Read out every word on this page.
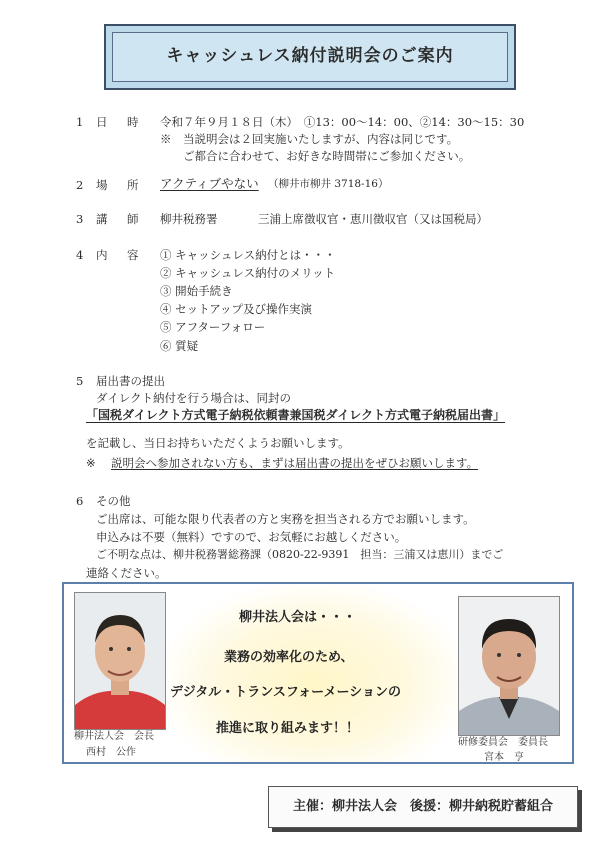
キャッシュレス納付説明会のご案内
1 日　時 令和７年９月１８日（木）　①13：00～14：00、②14：30～15：30
※　当説明会は２回実施いたしますが、内容は同じです。
ご都合に合わせて、お好きな時間帯にご参加ください。
2 場　所 アクティブやない （柳井市柳井 3718-16）
3 講　師 柳井税務署	三浦上席徴収官・恵川徴収官（又は国税局）
4 内　容 ① キャッシュレス納付とは・・・
② キャッシュレス納付のメリット
③ 開始手続き
④ セットアップ及び操作実演
⑤ アフターフォロー
⑥ 質疑
5 届出書の提出
ダイレクト納付を行う場合は、同封の
「国税ダイレクト方式電子納税依頼書兼国税ダイレクト方式電子納税届出書」
を記載し、当日お持ちいただくようお願いします。
※ 説明会へ参加されない方も、まずは届出書の提出をぜひお願いします。
6 その他
ご出席は、可能な限り代表者の方と実務を担当される方でお願いします。
申込みは不要（無料）ですので、お気軽にお越しください。
ご不明な点は、柳井税務署総務課（0820-22-9391　担当：三浦又は恵川）までご
連絡ください。
柳井法人会　会長
西村　公作
柳井法人会は・・・
業務の効率化のため、
デジタル・トランスフォーメーションの
推進に取り組みます！！
研修委員会　委員長
宮本　亨
主催：柳井法人会　後援：柳井納税貯蓄組合
